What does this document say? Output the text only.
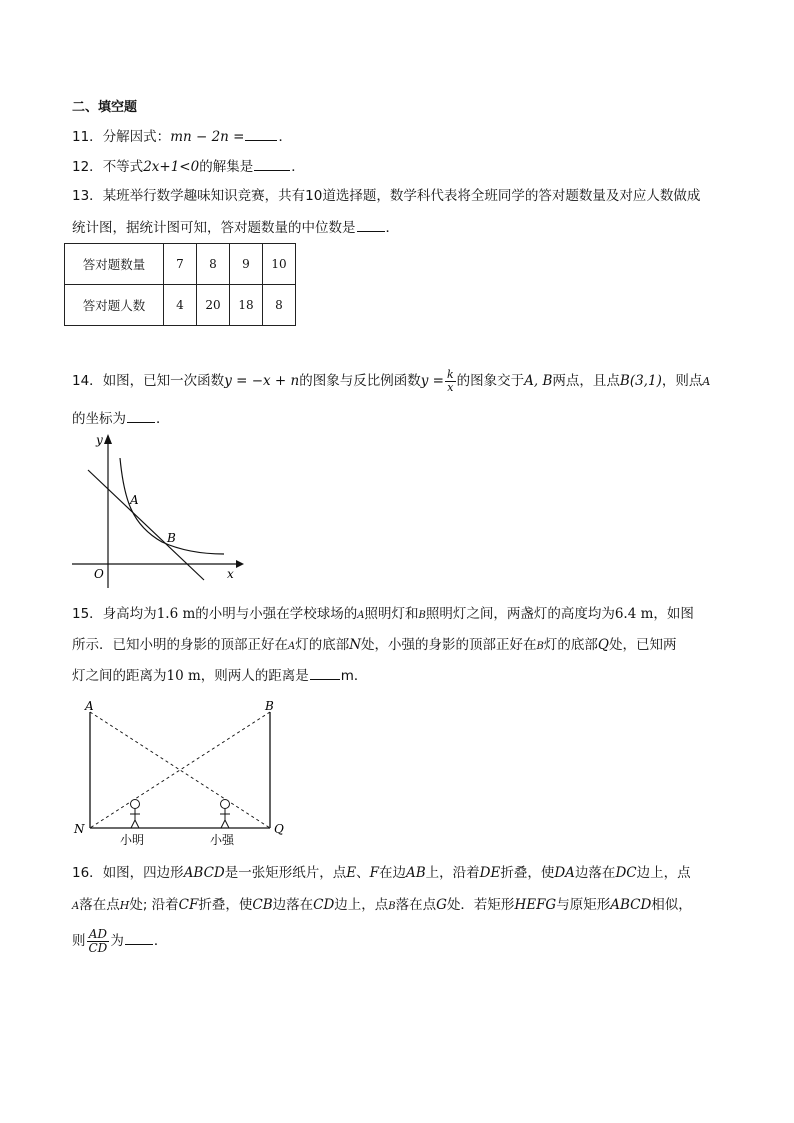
二、填空题
11．分解因式：mn − 2n =	．
12．不等式2x+1<0的解集是	．
13．某班举行数学趣味知识竞赛，共有10道选择题，数学科代表将全班同学的答对题数量及对应人数做成
统计图，据统计图可知，答对题数量的中位数是 ．
答对题数量	7	8	9	10
答对题人数	4	20	18	8
14．如图，已知一次函数y = −x + n的图象与反比例函数$y = \frac{k}{x}$ 的图象交于A, B两点，且点B(3,1)，则点A
的坐标为 ．
y
x
O
A
B
15．身高均为1.6 m的小明与小强在学校球场的A照明灯和B照明灯之间，两盏灯的高度均为6.4 m，如图
所示．已知小明的身影的顶部正好在A灯的底部N处，小强的身影的顶部正好在B灯的底部Q处，已知两
灯之间的距离为10 m，则两人的距离是 m．
A	B
N	Q
小明	小强
16．如图，四边形ABCD是一张矩形纸片，点E、F在边AB上，沿着DE折叠，使DA边落在DC边上，点
A落在点H处; 沿着CF折叠，使CB边落在CD边上，点B落在点G处．若矩形HEFG与原矩形ABCD相似，
则 $\frac{AD}{CD}$ 为 ．
